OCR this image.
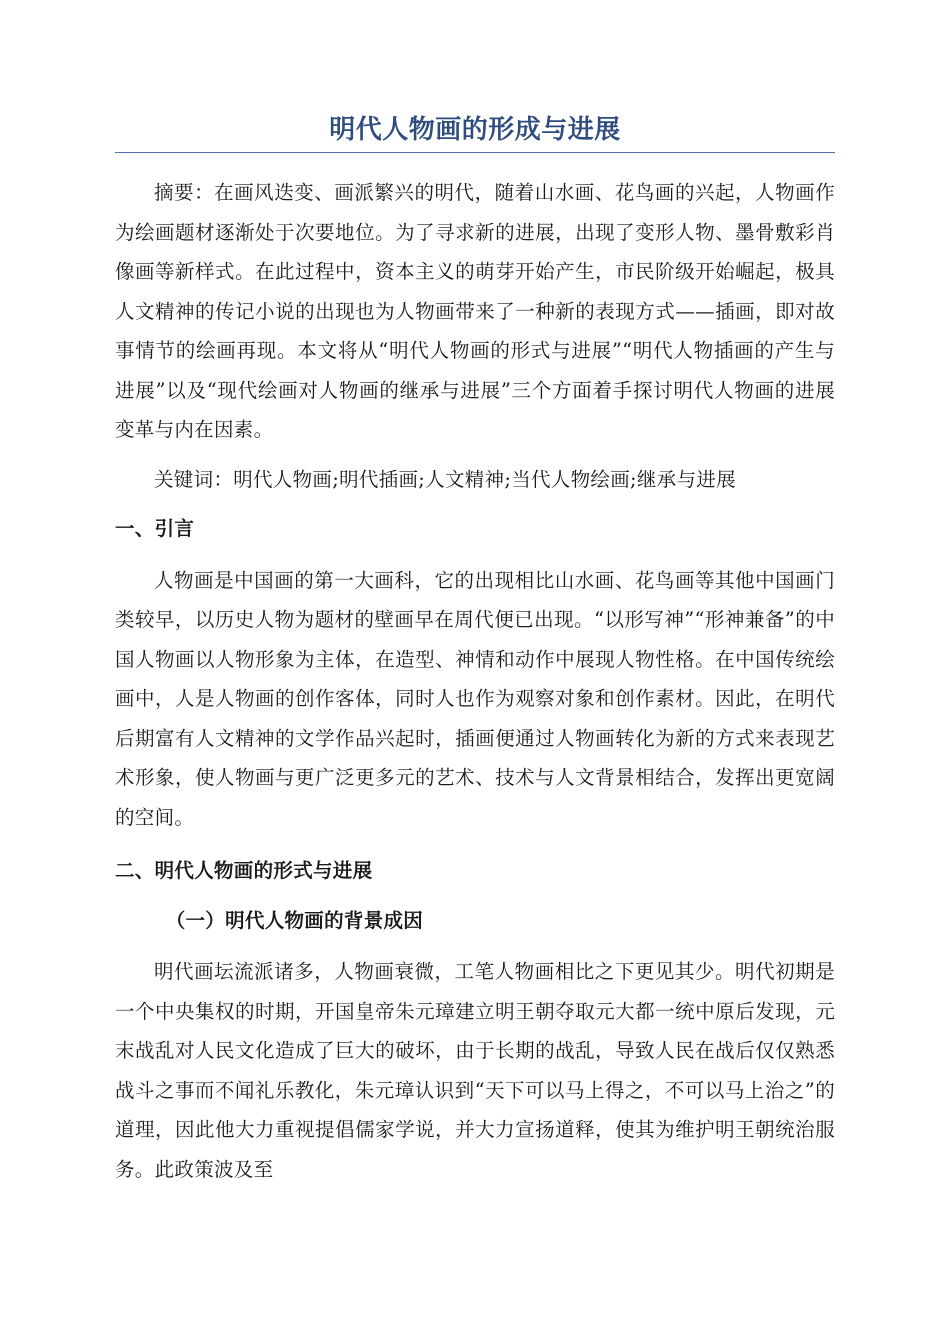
明代人物画的形成与进展

摘要：在画风迭变、画派繁兴的明代，随着山水画、花鸟画的兴起，人物画作为绘画题材逐渐处于次要地位。为了寻求新的进展，出现了变形人物、墨骨敷彩肖像画等新样式。在此过程中，资本主义的萌芽开始产生，市民阶级开始崛起，极具人文精神的传记小说的出现也为人物画带来了一种新的表现方式——插画，即对故事情节的绘画再现。本文将从“明代人物画的形式与进展”“明代人物插画的产生与进展”以及“现代绘画对人物画的继承与进展”三个方面着手探讨明代人物画的进展变革与内在因素。

关键词：明代人物画;明代插画;人文精神;当代人物绘画;继承与进展

一、引言

人物画是中国画的第一大画科，它的出现相比山水画、花鸟画等其他中国画门类较早，以历史人物为题材的壁画早在周代便已出现。“以形写神”“形神兼备”的中国人物画以人物形象为主体，在造型、神情和动作中展现人物性格。在中国传统绘画中，人是人物画的创作客体，同时人也作为观察对象和创作素材。因此，在明代后期富有人文精神的文学作品兴起时，插画便通过人物画转化为新的方式来表现艺术形象，使人物画与更广泛更多元的艺术、技术与人文背景相结合，发挥出更宽阔的空间。

二、明代人物画的形式与进展
（一）明代人物画的背景成因

明代画坛流派诸多，人物画衰微，工笔人物画相比之下更见其少。明代初期是一个中央集权的时期，开国皇帝朱元璋建立明王朝夺取元大都一统中原后发现，元末战乱对人民文化造成了巨大的破坏，由于长期的战乱，导致人民在战后仅仅熟悉战斗之事而不闻礼乐教化，朱元璋认识到“天下可以马上得之，不可以马上治之”的道理，因此他大力重视提倡儒家学说，并大力宣扬道释，使其为维护明王朝统治服务。此政策波及至
